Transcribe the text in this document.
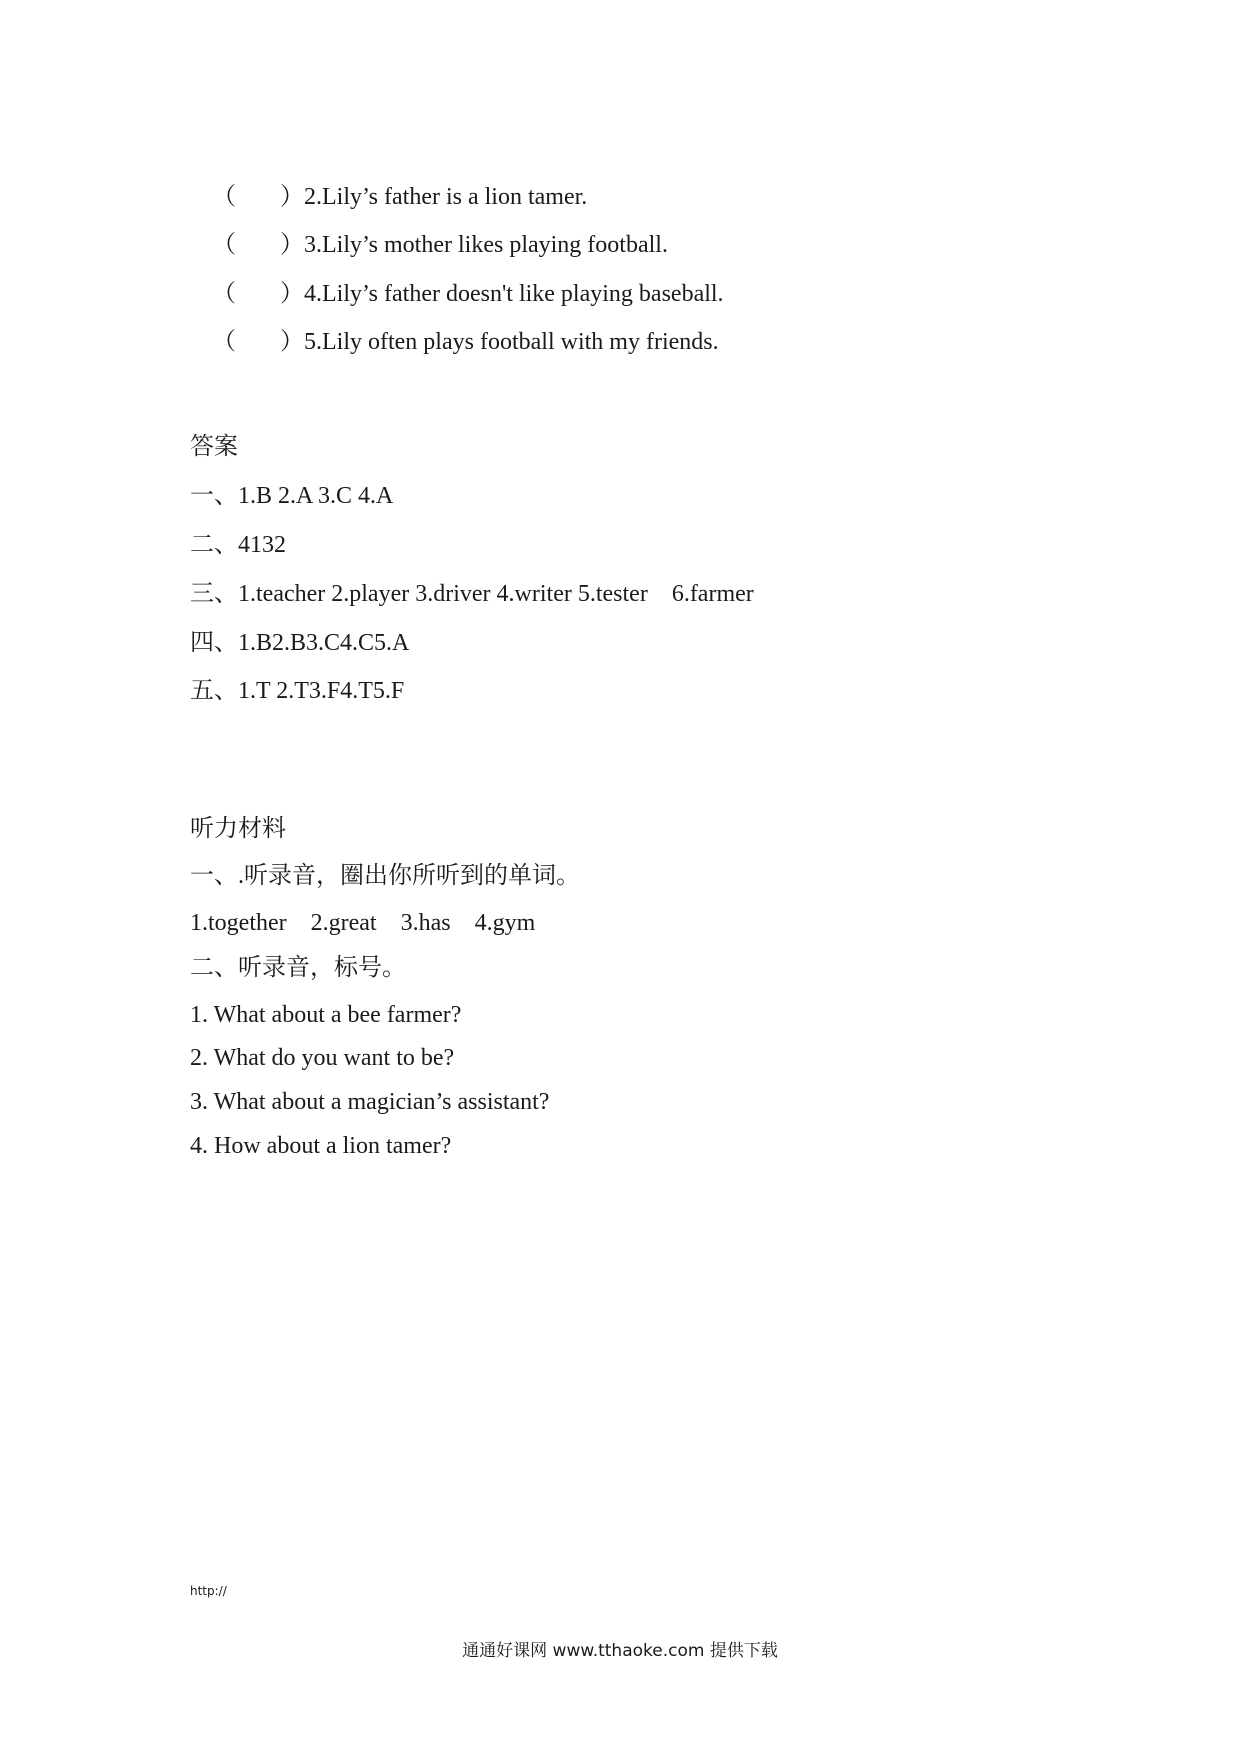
（ ）2.Lily’s father is a lion tamer.

（ ）3.Lily’s mother likes playing football.

（ ）4.Lily’s father doesn't like playing baseball.

（ ）5.Lily often plays football with my friends.

答案
一、1.B 2.A 3.C 4.A
二、4132
三、1.teacher 2.player 3.driver 4.writer 5.tester    6.farmer
四、1.B2.B3.C4.C5.A
五、1.T 2.T3.F4.T5.F
听力材料
一、.听录音，圈出你所听到的单词。
1.together    2.great    3.has    4.gym
二、听录音，标号。
1. What about a bee farmer?
2. What do you want to be?
3. What about a magician’s assistant?
4. How about a lion tamer?
http://
通通好课网 www.tthaoke.com 提供下载
